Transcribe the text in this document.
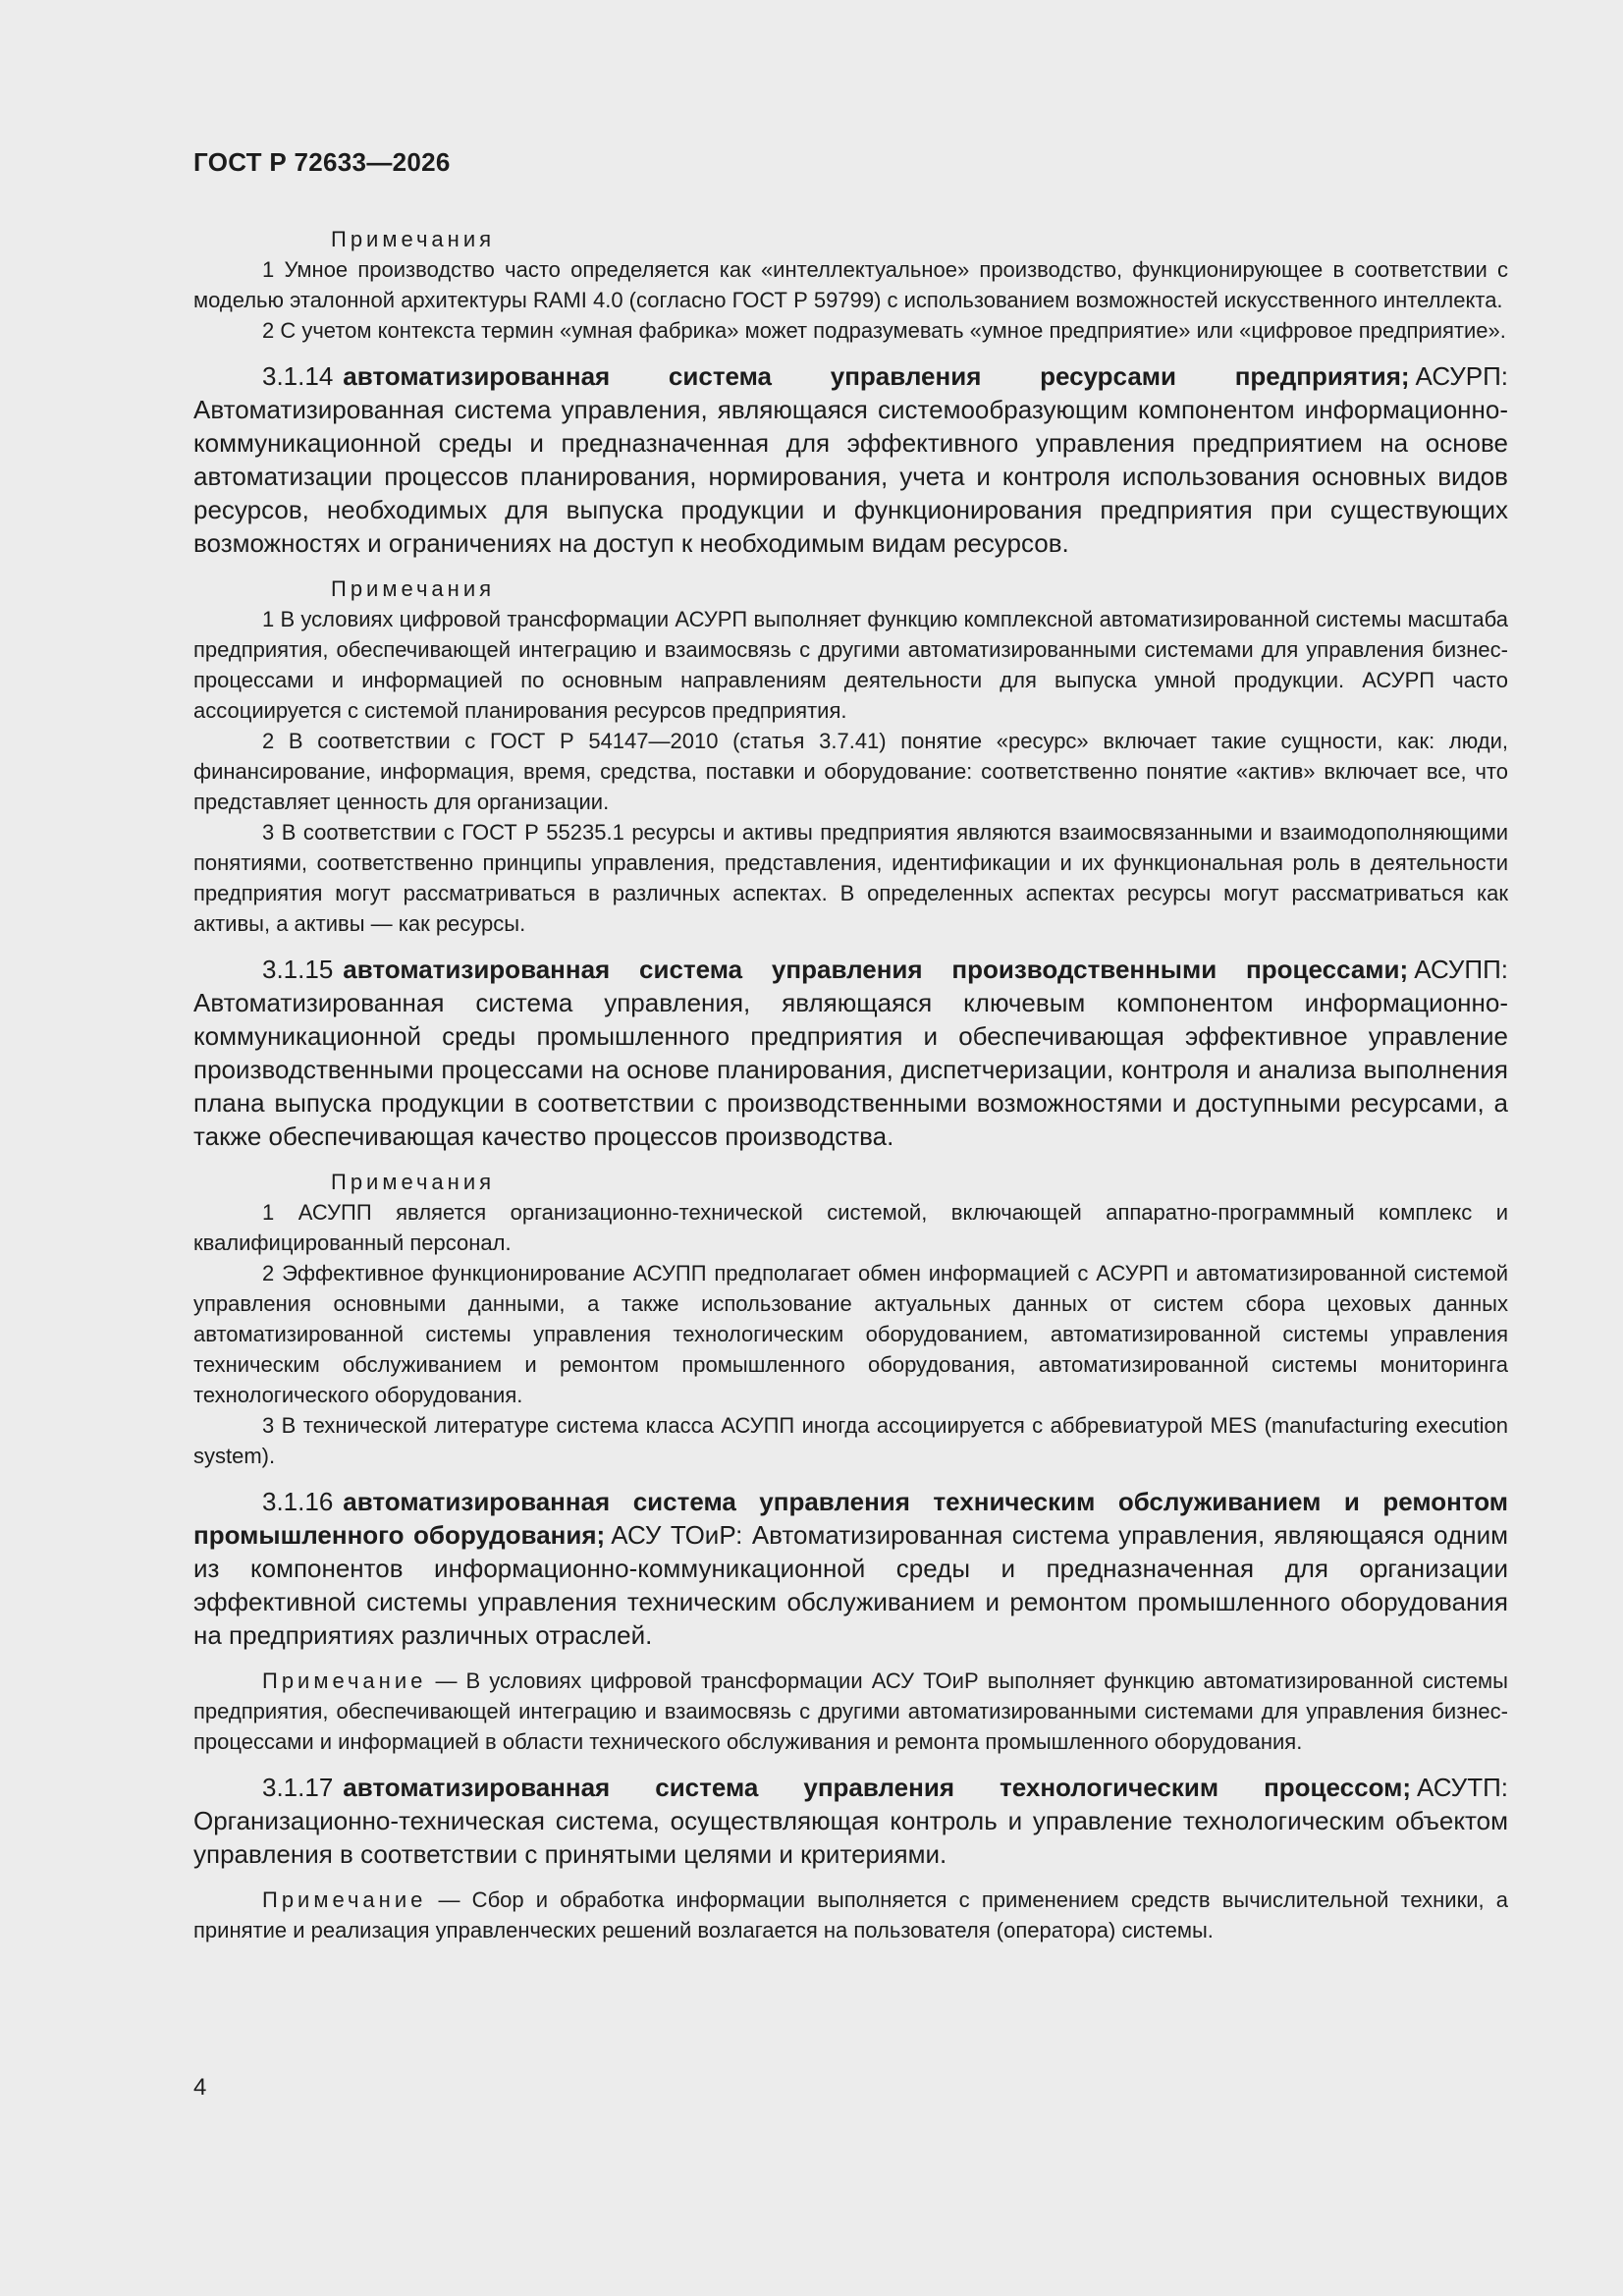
ГОСТ Р 72633—2026

Примечания

1 Умное производство часто определяется как «интеллектуальное» производство, функционирующее в соответствии с моделью эталонной архитектуры RAMI 4.0 (согласно ГОСТ Р 59799) с использованием возможностей искусственного интеллекта.

2 С учетом контекста термин «умная фабрика» может подразумевать «умное предприятие» или «цифровое предприятие».

3.1.14 автоматизированная система управления ресурсами предприятия; АСУРП: Автоматизированная система управления, являющаяся системообразующим компонентом информационно-коммуникационной среды и предназначенная для эффективного управления предприятием на основе автоматизации процессов планирования, нормирования, учета и контроля использования основных видов ресурсов, необходимых для выпуска продукции и функционирования предприятия при существующих возможностях и ограничениях на доступ к необходимым видам ресурсов.

Примечания

1 В условиях цифровой трансформации АСУРП выполняет функцию комплексной автоматизированной системы масштаба предприятия, обеспечивающей интеграцию и взаимосвязь с другими автоматизированными системами для управления бизнес-процессами и информацией по основным направлениям деятельности для выпуска умной продукции. АСУРП часто ассоциируется с системой планирования ресурсов предприятия.

2 В соответствии с ГОСТ Р 54147—2010 (статья 3.7.41) понятие «ресурс» включает такие сущности, как: люди, финансирование, информация, время, средства, поставки и оборудование: соответственно понятие «актив» включает все, что представляет ценность для организации.

3 В соответствии с ГОСТ Р 55235.1 ресурсы и активы предприятия являются взаимосвязанными и взаимодополняющими понятиями, соответственно принципы управления, представления, идентификации и их функциональная роль в деятельности предприятия могут рассматриваться в различных аспектах. В определенных аспектах ресурсы могут рассматриваться как активы, а активы — как ресурсы.

3.1.15 автоматизированная система управления производственными процессами; АСУПП: Автоматизированная система управления, являющаяся ключевым компонентом информационно-коммуникационной среды промышленного предприятия и обеспечивающая эффективное управление производственными процессами на основе планирования, диспетчеризации, контроля и анализа выполнения плана выпуска продукции в соответствии с производственными возможностями и доступными ресурсами, а также обеспечивающая качество процессов производства.

Примечания

1 АСУПП является организационно-технической системой, включающей аппаратно-программный комплекс и квалифицированный персонал.

2 Эффективное функционирование АСУПП предполагает обмен информацией с АСУРП и автоматизированной системой управления основными данными, а также использование актуальных данных от систем сбора цеховых данных автоматизированной системы управления технологическим оборудованием, автоматизированной системы управления техническим обслуживанием и ремонтом промышленного оборудования, автоматизированной системы мониторинга технологического оборудования.

3 В технической литературе система класса АСУПП иногда ассоциируется с аббревиатурой MES (manufacturing execution system).

3.1.16 автоматизированная система управления техническим обслуживанием и ремонтом промышленного оборудования; АСУ ТОиР: Автоматизированная система управления, являющаяся одним из компонентов информационно-коммуникационной среды и предназначенная для организации эффективной системы управления техническим обслуживанием и ремонтом промышленного оборудования на предприятиях различных отраслей.

Примечание — В условиях цифровой трансформации АСУ ТОиР выполняет функцию автоматизированной системы предприятия, обеспечивающей интеграцию и взаимосвязь с другими автоматизированными системами для управления бизнес-процессами и информацией в области технического обслуживания и ремонта промышленного оборудования.

3.1.17 автоматизированная система управления технологическим процессом; АСУТП: Организационно-техническая система, осуществляющая контроль и управление технологическим объектом управления в соответствии с принятыми целями и критериями.

Примечание — Сбор и обработка информации выполняется с применением средств вычислительной техники, а принятие и реализация управленческих решений возлагается на пользователя (оператора) системы.

4
